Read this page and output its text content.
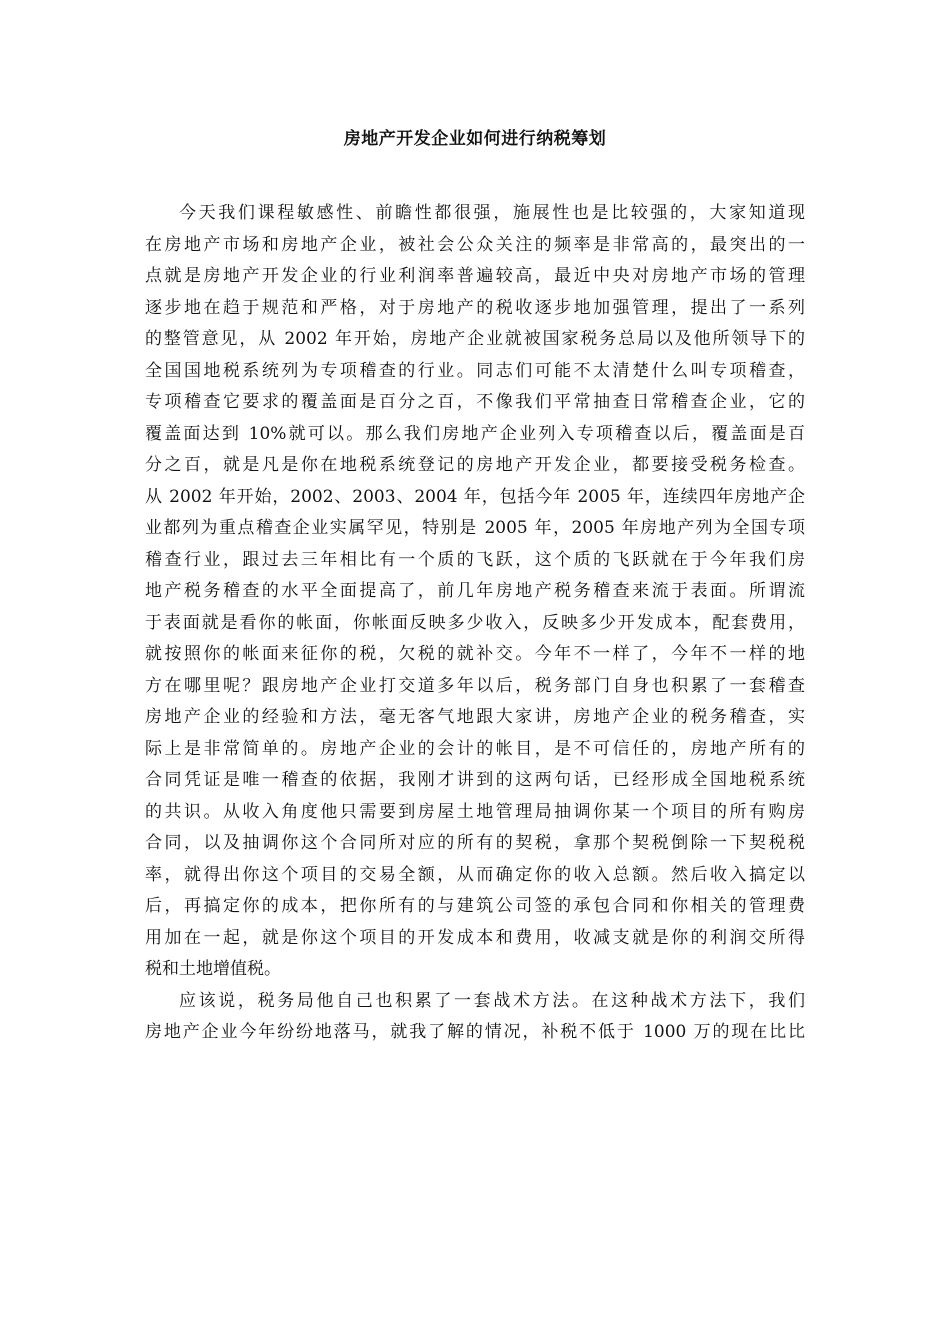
房地产开发企业如何进行纳税筹划
今天我们课程敏感性、前瞻性都很强，施展性也是比较强的，大家知道现
在房地产市场和房地产企业，被社会公众关注的频率是非常高的，最突出的一
点就是房地产开发企业的行业利润率普遍较高，最近中央对房地产市场的管理
逐步地在趋于规范和严格，对于房地产的税收逐步地加强管理，提出了一系列
的整管意见，从 2002 年开始，房地产企业就被国家税务总局以及他所领导下的
全国国地税系统列为专项稽查的行业。同志们可能不太清楚什么叫专项稽查，
专项稽查它要求的覆盖面是百分之百，不像我们平常抽查日常稽查企业，它的
覆盖面达到 10%就可以。那么我们房地产企业列入专项稽查以后，覆盖面是百
分之百，就是凡是你在地税系统登记的房地产开发企业，都要接受税务检查。
从 2002 年开始，2002、2003、2004 年，包括今年 2005 年，连续四年房地产企
业都列为重点稽查企业实属罕见，特别是 2005 年，2005 年房地产列为全国专项
稽查行业，跟过去三年相比有一个质的飞跃，这个质的飞跃就在于今年我们房
地产税务稽查的水平全面提高了，前几年房地产税务稽查来流于表面。所谓流
于表面就是看你的帐面，你帐面反映多少收入，反映多少开发成本，配套费用，
就按照你的帐面来征你的税，欠税的就补交。今年不一样了，今年不一样的地
方在哪里呢？跟房地产企业打交道多年以后，税务部门自身也积累了一套稽查
房地产企业的经验和方法，毫无客气地跟大家讲，房地产企业的税务稽查，实
际上是非常简单的。房地产企业的会计的帐目，是不可信任的，房地产所有的
合同凭证是唯一稽查的依据，我刚才讲到的这两句话，已经形成全国地税系统
的共识。从收入角度他只需要到房屋土地管理局抽调你某一个项目的所有购房
合同，以及抽调你这个合同所对应的所有的契税，拿那个契税倒除一下契税税
率，就得出你这个项目的交易全额，从而确定你的收入总额。然后收入搞定以
后，再搞定你的成本，把你所有的与建筑公司签的承包合同和你相关的管理费
用加在一起，就是你这个项目的开发成本和费用，收减支就是你的利润交所得
税和土地增值税。
应该说，税务局他自己也积累了一套战术方法。在这种战术方法下，我们
房地产企业今年纷纷地落马，就我了解的情况，补税不低于 1000 万的现在比比
